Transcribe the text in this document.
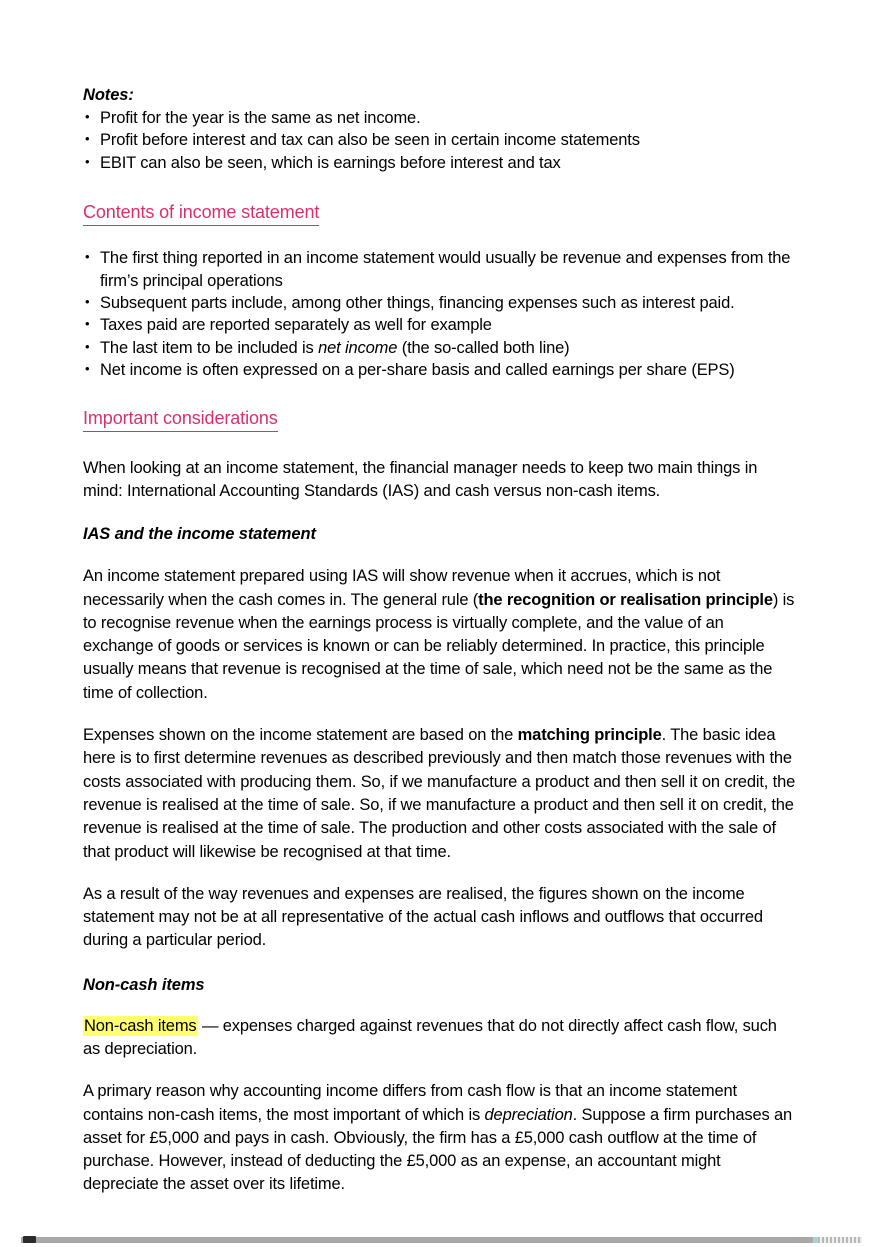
Notes:
• Profit for the year is the same as net income.
• Profit before interest and tax can also be seen in certain income statements
• EBIT can also be seen, which is earnings before interest and tax
Contents of income statement
• The first thing reported in an income statement would usually be revenue and expenses from the firm’s principal operations
• Subsequent parts include, among other things, financing expenses such as interest paid.
• Taxes paid are reported separately as well for example
• The last item to be included is net income (the so-called both line)
• Net income is often expressed on a per-share basis and called earnings per share (EPS)
Important considerations

When looking at an income statement, the financial manager needs to keep two main things in mind: International Accounting Standards (IAS) and cash versus non-cash items.

IAS and the income statement

An income statement prepared using IAS will show revenue when it accrues, which is not necessarily when the cash comes in. The general rule (the recognition or realisation principle) is to recognise revenue when the earnings process is virtually complete, and the value of an exchange of goods or services is known or can be reliably determined. In practice, this principle usually means that revenue is recognised at the time of sale, which need not be the same as the time of collection.

Expenses shown on the income statement are based on the matching principle. The basic idea here is to first determine revenues as described previously and then match those revenues with the costs associated with producing them. So, if we manufacture a product and then sell it on credit, the revenue is realised at the time of sale. So, if we manufacture a product and then sell it on credit, the revenue is realised at the time of sale. The production and other costs associated with the sale of that product will likewise be recognised at that time.

As a result of the way revenues and expenses are realised, the figures shown on the income statement may not be at all representative of the actual cash inflows and outflows that occurred during a particular period.

Non-cash items

Non-cash items — expenses charged against revenues that do not directly affect cash flow, such as depreciation.

A primary reason why accounting income differs from cash flow is that an income statement contains non-cash items, the most important of which is depreciation. Suppose a firm purchases an asset for £5,000 and pays in cash. Obviously, the firm has a £5,000 cash outflow at the time of purchase. However, instead of deducting the £5,000 as an expense, an accountant might depreciate the asset over its lifetime.
